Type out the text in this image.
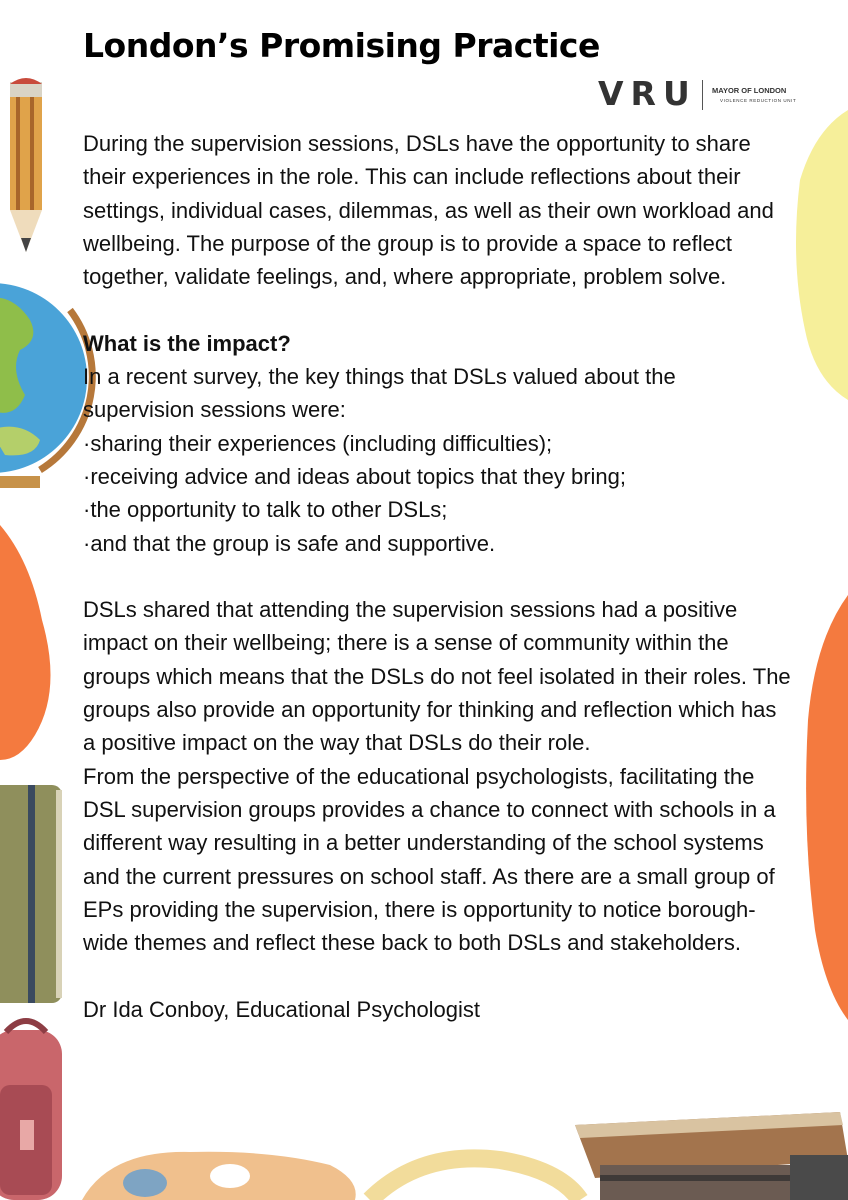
London’s Promising Practice
VRU MAYOR OF LONDON
VIOLENCE REDUCTION UNIT

During the supervision sessions, DSLs have the opportunity to share their experiences in the role. This can include reflections about their settings, individual cases, dilemmas, as well as their own workload and wellbeing. The purpose of the group is to provide a space to reflect together, validate feelings, and, where appropriate, problem solve.

What is the impact?

In a recent survey, the key things that DSLs valued about the supervision sessions were:

·sharing their experiences (including difficulties);

·receiving advice and ideas about topics that they bring;

·the opportunity to talk to other DSLs;

·and that the group is safe and supportive.

DSLs shared that attending the supervision sessions had a positive impact on their wellbeing; there is a sense of community within the groups which means that the DSLs do not feel isolated in their roles. The groups also provide an opportunity for thinking and reflection which has a positive impact on the way that DSLs do their role.

From the perspective of the educational psychologists, facilitating the DSL supervision groups provides a chance to connect with schools in a different way resulting in a better understanding of the school systems and the current pressures on school staff. As there are a small group of EPs providing the supervision, there is opportunity to notice borough-wide themes and reflect these back to both DSLs and stakeholders.

Dr Ida Conboy, Educational Psychologist
